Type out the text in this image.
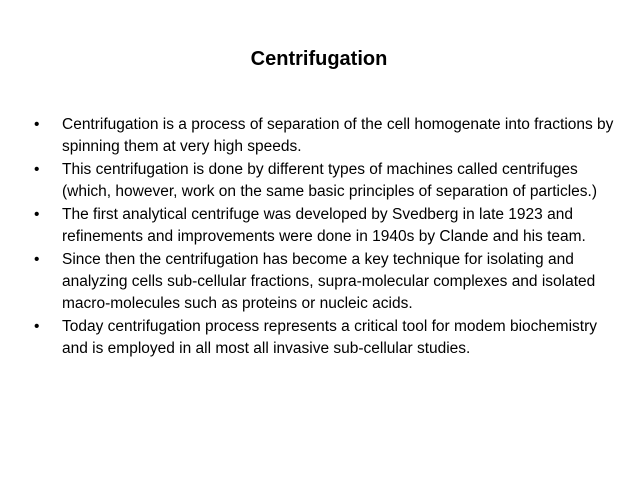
Centrifugation
•	Centrifugation is a process of separation of the cell homogenate into fractions by spinning them at very high speeds.
•	This centrifugation is done by different types of machines called centrifuges (which, however, work on the same basic principles of separation of particles.)
•	The first analytical centrifuge was developed by Svedberg in late 1923 and refinements and improvements were done in 1940s by Clande and his team.
•	Since then the centrifugation has become a key technique for isolating and analyzing cells sub-cellular fractions, supra-molecular complexes and isolated macro-molecules such as proteins or nucleic acids.
•	Today centrifugation process represents a critical tool for modem biochemistry and is employed in all most all invasive sub-cellular studies.
